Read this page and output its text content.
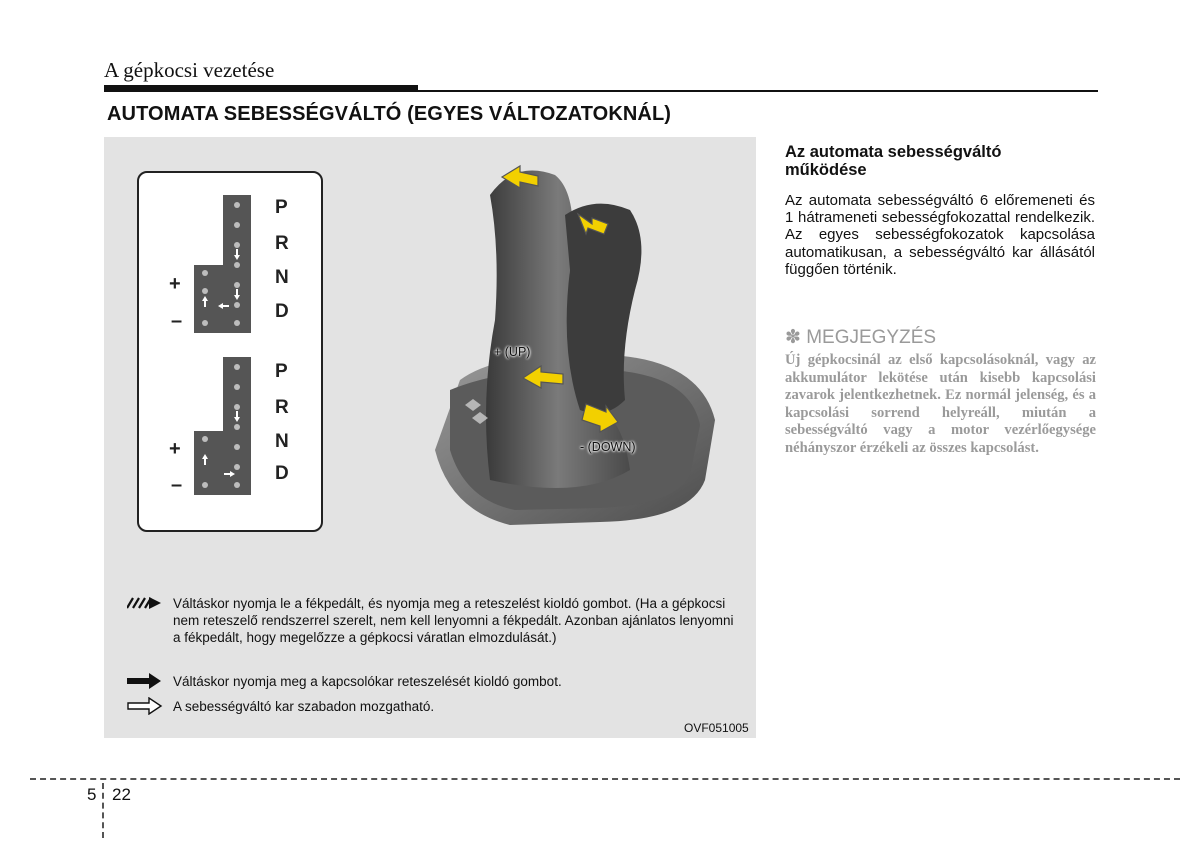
A gépkocsi vezetése
AUTOMATA SEBESSÉGVÁLTÓ (EGYES VÁLTOZATOKNÁL)
P
R
N
D
+
–
P
R
N
D
+
–
+ (UP)
- (DOWN)
Váltáskor nyomja le a fékpedált, és nyomja meg a reteszelést kioldó gombot. (Ha a gépkocsi nem reteszelő rendszerrel szerelt, nem kell lenyomni a fékpedált. Azonban ajánlatos lenyomni a fékpedált, hogy megelőzze a gépkocsi váratlan elmozdulását.)
Váltáskor nyomja meg a kapcsolókar reteszelését kioldó gombot.
A sebességváltó kar szabadon mozgatható.
OVF051005
Az automata sebességváltó működése
Az automata sebességváltó 6 előremeneti és 1 hátrameneti sebességfokozattal rendelkezik. Az egyes sebességfokozatok kapcsolása automatikusan, a sebességváltó kar állásától függően történik.
✽ MEGJEGYZÉS
Új gépkocsinál az első kapcsolásoknál, vagy az akkumulátor lekötése után kisebb kapcsolási zavarok jelentkezhetnek. Ez normál jelenség, és a kapcsolási sorrend helyreáll, miután a sebességváltó vagy a motor vezérlőegysége néhányszor érzékeli az összes kapcsolást.
5 22
